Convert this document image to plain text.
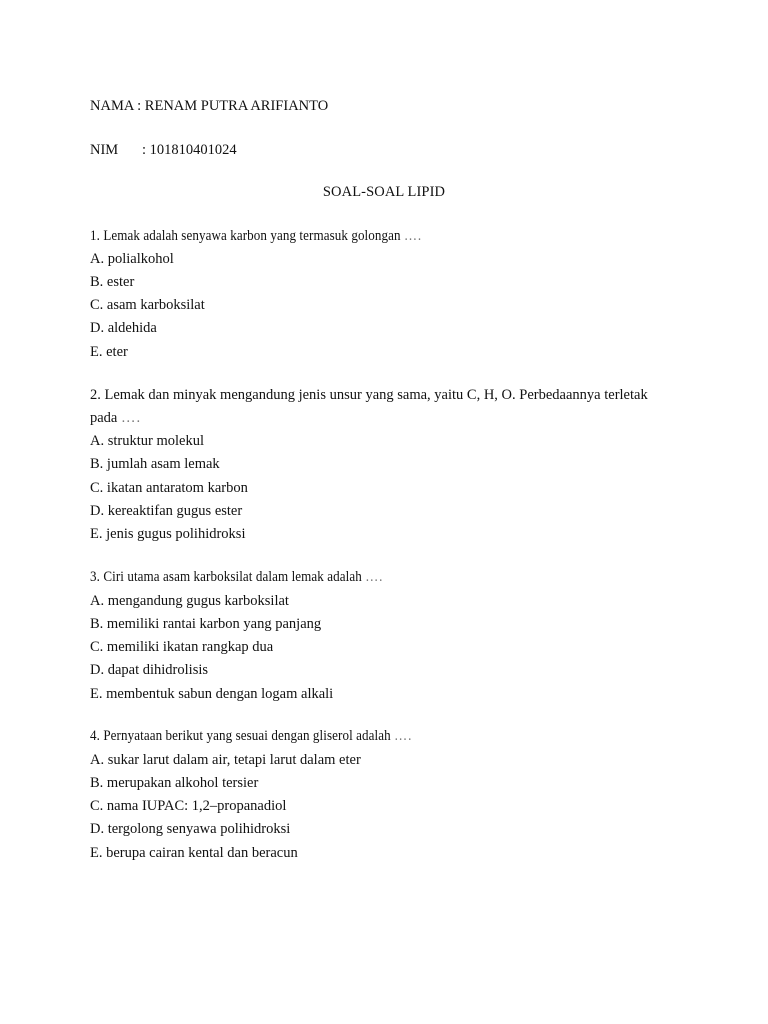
NAMA : RENAM PUTRA ARIFIANTO
NIM : 101810401024
SOAL-SOAL LIPID
1. Lemak adalah senyawa karbon yang termasuk golongan ….
A. polialkohol
B. ester
C. asam karboksilat
D. aldehida
E. eter
2. Lemak dan minyak mengandung jenis unsur yang sama, yaitu C, H, O. Perbedaannya terletak
pada ….
A. struktur molekul
B. jumlah asam lemak
C. ikatan antaratom karbon
D. kereaktifan gugus ester
E. jenis gugus polihidroksi
3. Ciri utama asam karboksilat dalam lemak adalah ….
A. mengandung gugus karboksilat
B. memiliki rantai karbon yang panjang
C. memiliki ikatan rangkap dua
D. dapat dihidrolisis
E. membentuk sabun dengan logam alkali
4. Pernyataan berikut yang sesuai dengan gliserol adalah ….
A. sukar larut dalam air, tetapi larut dalam eter
B. merupakan alkohol tersier
C. nama IUPAC: 1,2–propanadiol
D. tergolong senyawa polihidroksi
E. berupa cairan kental dan beracun
